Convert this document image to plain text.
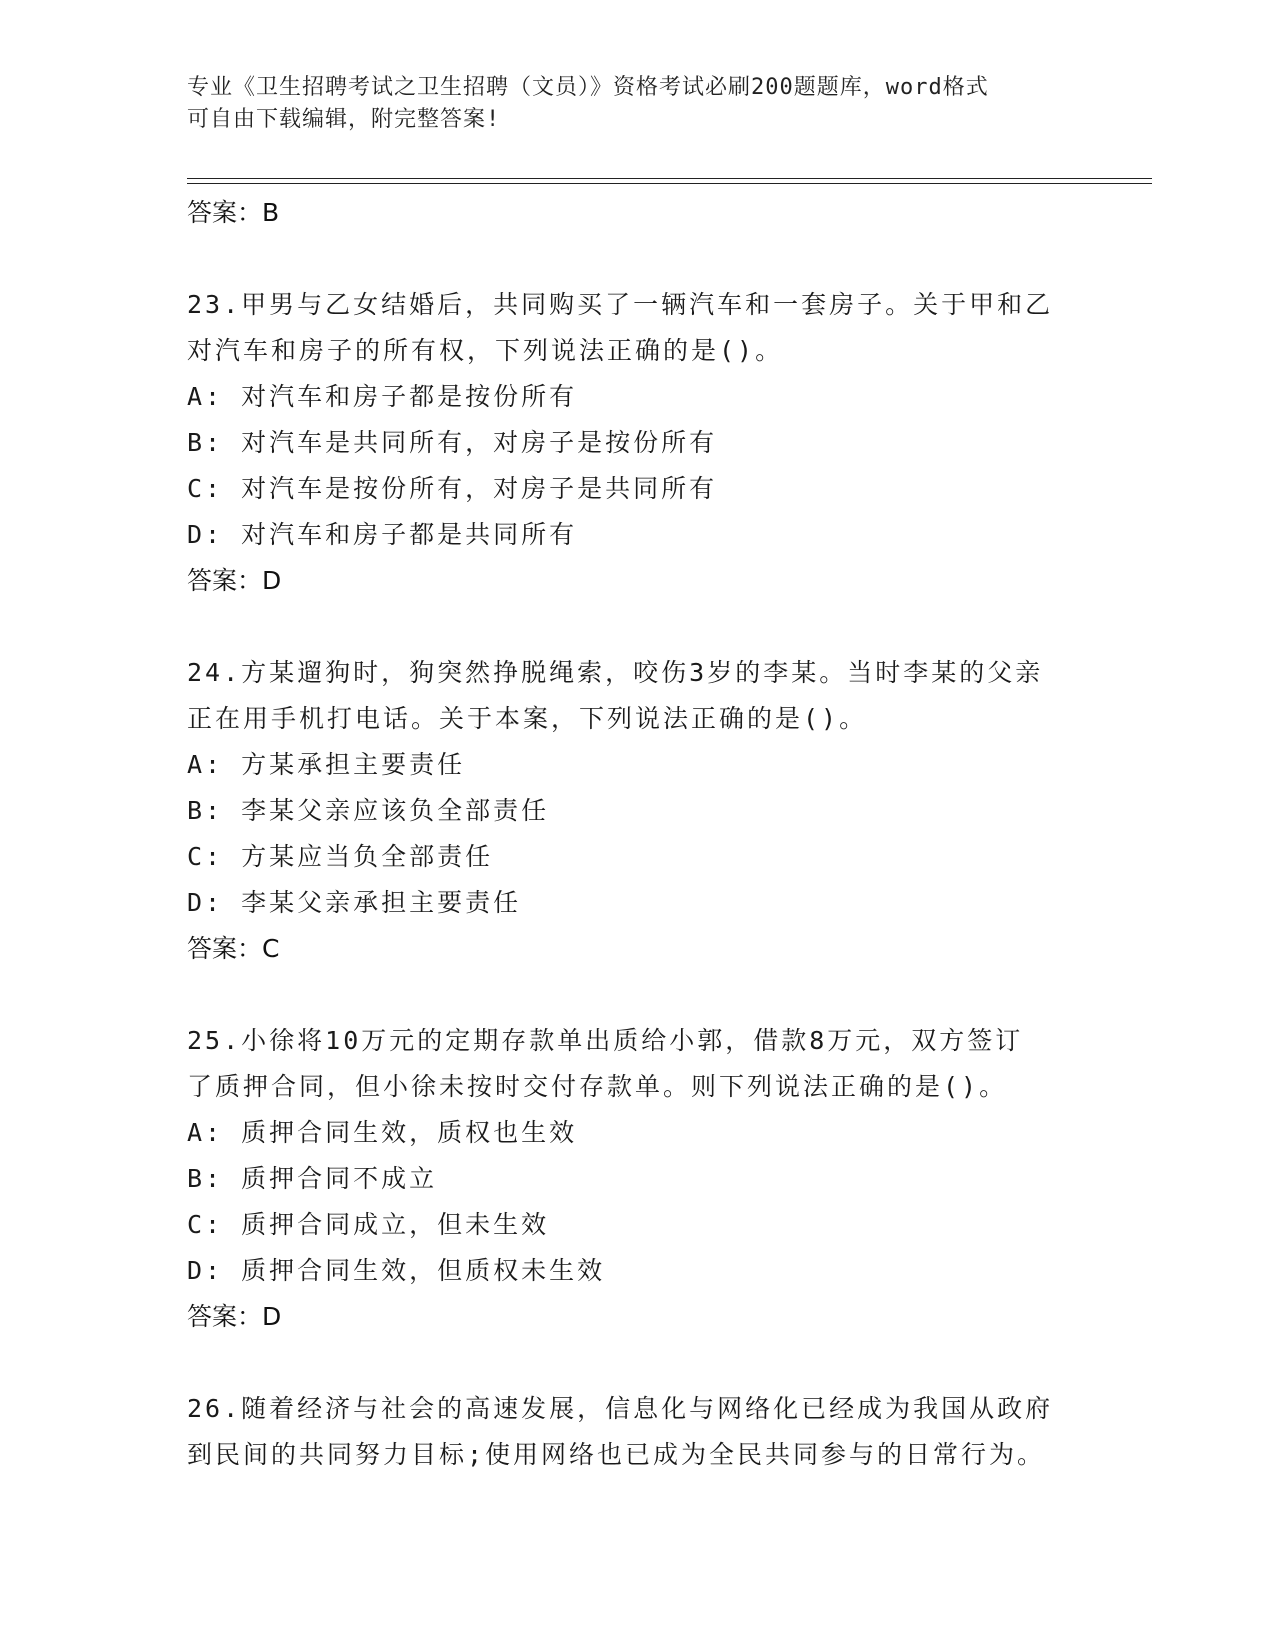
专业《卫生招聘考试之卫生招聘（文员）》资格考试必刷200题题库，word格式
可自由下载编辑，附完整答案!
答案：B
23.甲男与乙女结婚后，共同购买了一辆汽车和一套房子。关于甲和乙
对汽车和房子的所有权，下列说法正确的是()。
A: 对汽车和房子都是按份所有
B: 对汽车是共同所有，对房子是按份所有
C: 对汽车是按份所有，对房子是共同所有
D: 对汽车和房子都是共同所有
答案：D
24.方某遛狗时，狗突然挣脱绳索，咬伤3岁的李某。当时李某的父亲
正在用手机打电话。关于本案，下列说法正确的是()。
A: 方某承担主要责任
B: 李某父亲应该负全部责任
C: 方某应当负全部责任
D: 李某父亲承担主要责任
答案：C
25.小徐将10万元的定期存款单出质给小郭，借款8万元，双方签订
了质押合同，但小徐未按时交付存款单。则下列说法正确的是()。
A: 质押合同生效，质权也生效
B: 质押合同不成立
C: 质押合同成立，但未生效
D: 质押合同生效，但质权未生效
答案：D
26.随着经济与社会的高速发展，信息化与网络化已经成为我国从政府
到民间的共同努力目标;使用网络也已成为全民共同参与的日常行为。
